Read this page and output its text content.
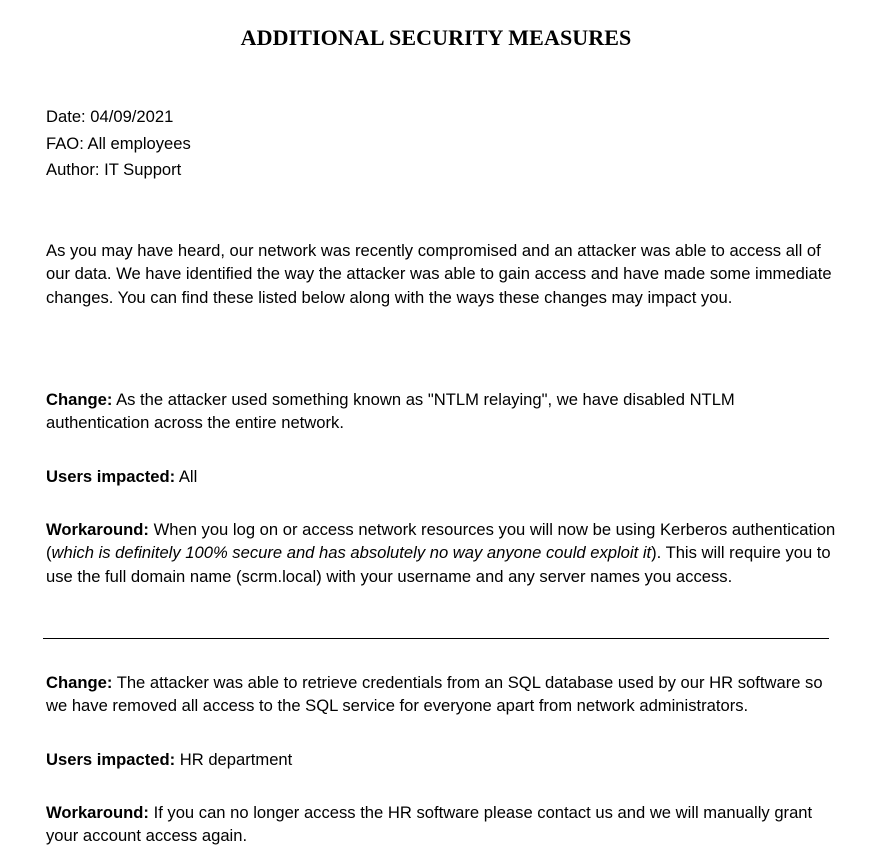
ADDITIONAL SECURITY MEASURES
Date: 04/09/2021
FAO: All employees
Author: IT Support

As you may have heard, our network was recently compromised and an attacker was able to access all of our data. We have identified the way the attacker was able to gain access and have made some immediate changes. You can find these listed below along with the ways these changes may impact you.

Change: As the attacker used something known as "NTLM relaying", we have disabled NTLM authentication across the entire network.

Users impacted: All

Workaround: When you log on or access network resources you will now be using Kerberos authentication (which is definitely 100% secure and has absolutely no way anyone could exploit it). This will require you to use the full domain name (scrm.local) with your username and any server names you access.

Change: The attacker was able to retrieve credentials from an SQL database used by our HR software so we have removed all access to the SQL service for everyone apart from network administrators.

Users impacted: HR department

Workaround: If you can no longer access the HR software please contact us and we will manually grant your account access again.
